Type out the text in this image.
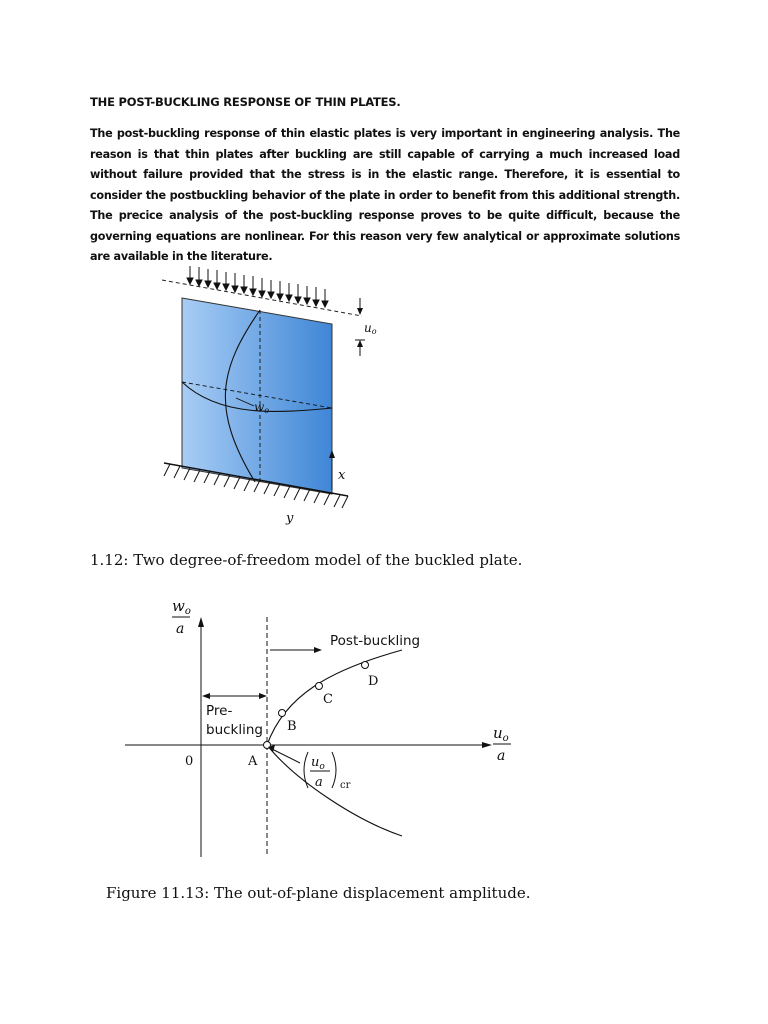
THE POST-BUCKLING RESPONSE OF THIN PLATES.
The post-buckling response of thin elastic plates is very important in engineering analysis. The reason is that thin plates after buckling are still capable of carrying a much increased load without failure provided that the stress is in the elastic range. Therefore, it is essential to consider the postbuckling behavior of the plate in order to benefit from this additional strength. The precice analysis of the post-buckling response proves to be quite difficult, because the governing equations are nonlinear. For this reason very few analytical or approximate solutions are available in the literature.
wo
uo
x
y
1.12: Two degree-of-freedom model of the buckled plate.
$w_o$
a
$u_o$
a
0
Post-buckling
Pre-
buckling
A
B
C
D
$u_o$
a cr
Figure 11.13: The out-of-plane displacement amplitude.
